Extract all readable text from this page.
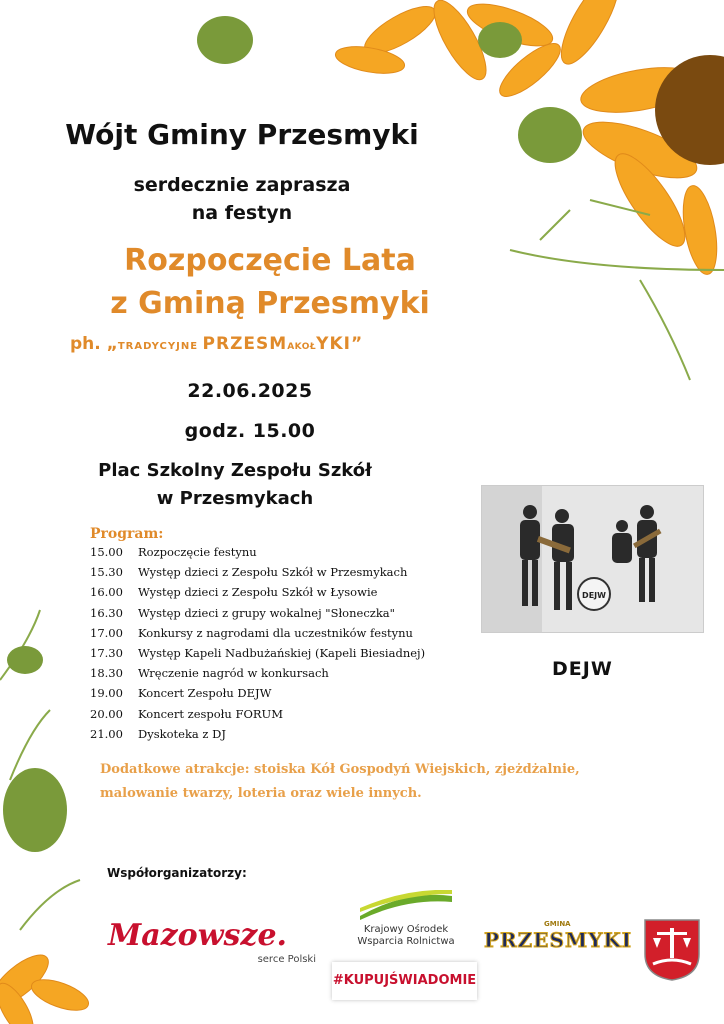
Wójt Gminy Przesmyki
serdecznie zaprasza
na festyn
Rozpoczęcie Lata
z Gminą Przesmyki
ph. „TRADYCYJNE PRZESMAKOŁYKI”
22.06.2025
godz. 15.00
Plac Szkolny Zespołu Szkół
w Przesmykach
Program:
15.00	Rozpoczęcie festynu
15.30	Występ dzieci z Zespołu Szkół w Przesmykach
16.00	Występ dzieci z Zespołu Szkół w Łysowie
16.30	Występ dzieci z grupy wokalnej "Słoneczka"
17.00	Konkursy z nagrodami dla uczestników festynu
17.30	Występ Kapeli Nadbużańskiej (Kapeli Biesiadnej)
18.30	Wręczenie nagród w konkursach
19.00	Koncert Zespołu DEJW
20.00	Koncert zespołu FORUM
21.00	Dyskoteka z DJ
DEJW
DEJW
Dodatkowe atrakcje: stoiska Kół Gospodyń Wiejskich, zjeżdżalnie,
malowanie twarzy, loteria oraz wiele innych.
Współorganizatorzy:
Mazowsze.
serce Polski
Krajowy Ośrodek
Wsparcia Rolnictwa
#KUPUJŚWIADOMIE
GMINA
PRZESMYKI
